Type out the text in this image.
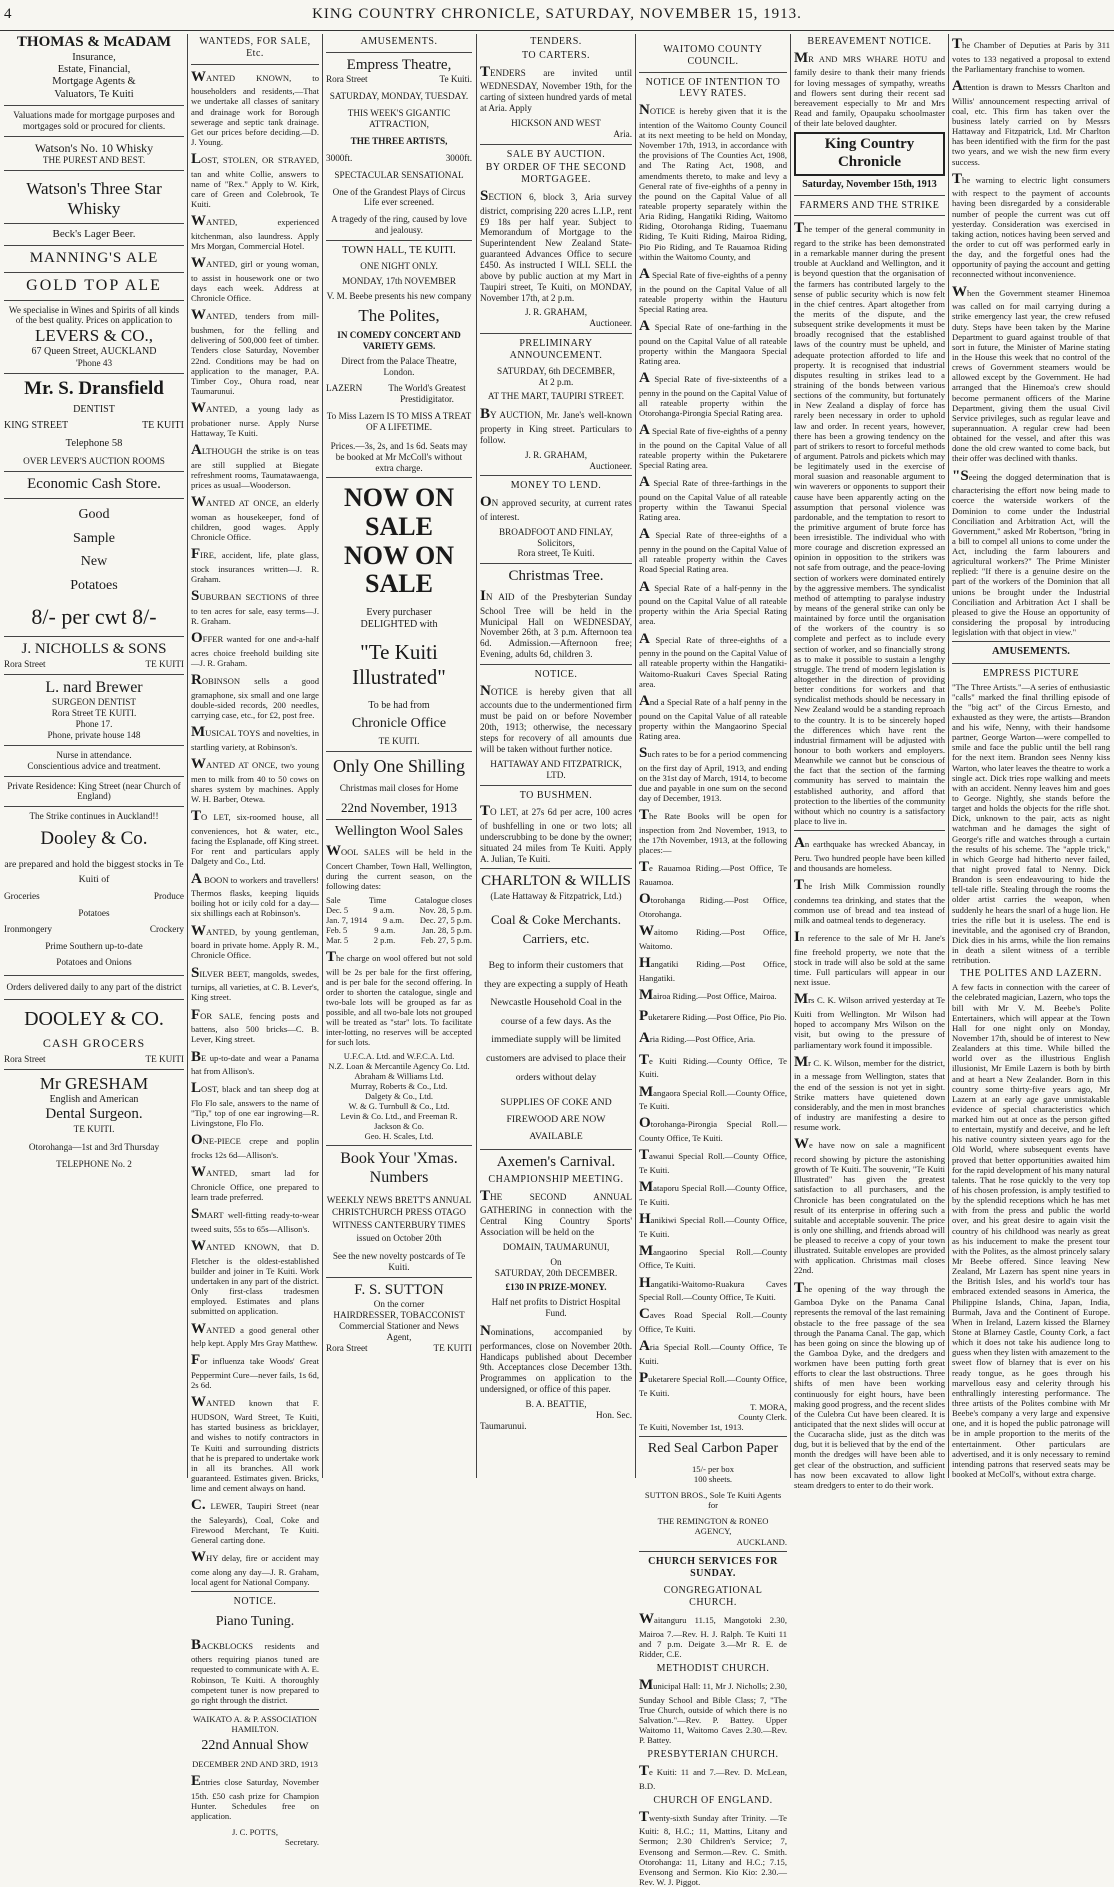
4	KING COUNTRY CHRONICLE, SATURDAY, NOVEMBER 15, 1913.
THOMAS & McADAM
Insurance,
Estate, Financial,
Mortgage Agents &
Valuators, Te Kuiti
Valuations made for mortgage purposes and mortgages sold or procured for clients.
Watson's No. 10 Whisky
THE PUREST AND BEST.
Watson's Three Star Whisky
Beck's Lager Beer.
MANNING'S ALE
GOLD TOP ALE
We specialise in Wines and Spirits of all kinds of the best quality. Prices on application to
LEVERS & CO.,
67 Queen Street, AUCKLAND
'Phone 43
Mr. S. Dransfield
DENTIST
KING STREET	TE KUITI
Telephone 58
OVER LEVER'S AUCTION ROOMS
Economic Cash Store.
Good
Sample
New
Potatoes
8/- per cwt 8/-
J. NICHOLLS & SONS
Rora Street	TE KUITI
L. nard Brewer
SURGEON DENTIST
Rora Street TE KUITI.
Phone 17.
Phone, private house 148
Nurse in attendance.
Conscientious advice and treatment.
Private Residence: King Street (near Church of England)
The Strike continues in Auckland!!
Dooley & Co.
are prepared and hold the biggest stocks in Te Kuiti of
Groceries	Produce
Potatoes
Ironmongery	Crockery
Prime Southern up-to-date
Potatoes and Onions
Orders delivered daily to any part of the district
DOOLEY & CO.
CASH GROCERS
Rora Street	TE KUITI
Mr GRESHAM
English and American
Dental Surgeon.
TE KUITI.
Otorohanga—1st and 3rd Thursday
TELEPHONE No. 2
WANTEDS, FOR SALE, Etc.
WANTED KNOWN, to householders and residents,—That we undertake all classes of sanitary and drainage work for Borough sewerage and septic tank drainage. Get our prices before deciding.—D. J. Young.
LOST, STOLEN, OR STRAYED, tan and white Collie, answers to name of "Rex." Apply to W. Kirk, care of Green and Colebrook, Te Kuiti.
WANTED, experienced kitchenman, also laundress. Apply Mrs Morgan, Commercial Hotel.
WANTED, girl or young woman, to assist in housework one or two days each week. Address at Chronicle Office.
WANTED, tenders from mill-bushmen, for the felling and delivering of 500,000 feet of timber. Tenders close Saturday, November 22nd. Conditions may be had on application to the manager, P.A. Timber Coy., Ohura road, near Taumarunui.
WANTED, a young lady as probationer nurse. Apply Nurse Hattaway, Te Kuiti.
ALTHOUGH the strike is on teas are still supplied at Biegate refreshment rooms, Taumatawaenga, prices as usual—Wooderson.
WANTED AT ONCE, an elderly woman as housekeeper, fond of children, good wages. Apply Chronicle Office.
FIRE, accident, life, plate glass, stock insurances written—J. R. Graham.
SUBURBAN SECTIONS of three to ten acres for sale, easy terms—J. R. Graham.
OFFER wanted for one and-a-half acres choice freehold building site —J. R. Graham.
ROBINSON sells a good gramaphone, six small and one large double-sided records, 200 needles, carrying case, etc., for £2, post free.
MUSICAL TOYS and novelties, in startling variety, at Robinson's.
WANTED AT ONCE, two young men to milk from 40 to 50 cows on shares system by machines. Apply W. H. Barber, Otewa.
TO LET, six-roomed house, all conveniences, hot & water, etc., facing the Esplanade, off King street. For rent and particulars apply Dalgety and Co., Ltd.
A BOON to workers and travellers! Thermos flasks, keeping liquids boiling hot or icily cold for a day—six shillings each at Robinson's.
WANTED, by young gentleman, board in private home. Apply R. M., Chronicle Office.
SILVER BEET, mangolds, swedes, turnips, all varieties, at C. B. Lever's, King street.
FOR SALE, fencing posts and battens, also 500 bricks—C. B. Lever, King street.
BE up-to-date and wear a Panama hat from Allison's.
LOST, black and tan sheep dog at Flo Flo sale, answers to the name of "Tip," top of one ear ingrowing—R. Livingstone, Flo Flo.
ONE-PIECE crepe and poplin frocks 12s 6d—Allison's.
WANTED, smart lad for Chronicle Office, one prepared to learn trade preferred.
SMART well-fitting ready-to-wear tweed suits, 55s to 65s—Allison's.
WANTED KNOWN, that D. Fletcher is the oldest-established builder and joiner in Te Kuiti. Work undertaken in any part of the district. Only first-class tradesmen employed. Estimates and plans submitted on application.
WANTED a good general other help kept. Apply Mrs Gray Matthew.
For influenza take Woods' Great Peppermint Cure—never fails, 1s 6d, 2s 6d.
WANTED known that F. HUDSON, Ward Street, Te Kuiti, has started business as bricklayer, and wishes to notify contractors in Te Kuiti and surrounding districts that he is prepared to undertake work in all its branches. All work guaranteed. Estimates given. Bricks, lime and cement always on hand.
C. LEWER, Taupiri Street (near the Saleyards), Coal, Coke and Firewood Merchant, Te Kuiti. General carting done.
WHY delay, fire or accident may come along any day—J. R. Graham, local agent for National Company.
NOTICE.
Piano Tuning.
BACKBLOCKS residents and others requiring pianos tuned are requested to communicate with A. E. Robinson, Te Kuiti. A thoroughly competent tuner is now prepared to go right through the district.
WAIKATO A. & P. ASSOCIATION HAMILTON.
22nd Annual Show
DECEMBER 2ND AND 3RD, 1913
Entries close Saturday, November 15th. £50 cash prize for Champion Hunter. Schedules free on application.
J. C. POTTS,
Secretary.
AMUSEMENTS.
Empress Theatre,
Rora Street	Te Kuiti.
SATURDAY, MONDAY, TUESDAY.
THIS WEEK'S GIGANTIC ATTRACTION,
THE THREE ARTISTS,
3000ft.	3000ft.
SPECTACULAR SENSATIONAL
One of the Grandest Plays of Circus Life ever screened.
A tragedy of the ring, caused by love and jealousy.
TOWN HALL, TE KUITI.
ONE NIGHT ONLY.
MONDAY, 17th NOVEMBER
V. M. Beebe presents his new company
The Polites,
IN COMEDY CONCERT AND VARIETY GEMS.
Direct from the Palace Theatre, London.
LAZERN	The World's Greatest Prestidigitator.
To Miss Lazern IS TO MISS A TREAT OF A LIFETIME.
Prices.—3s, 2s, and 1s 6d. Seats may be booked at Mr McColl's without extra charge.
NOW ON SALE
NOW ON SALE
Every purchaser
DELIGHTED with
"Te Kuiti Illustrated"
To be had from
Chronicle Office
TE KUITI.
Only One Shilling
Christmas mail closes for Home
22nd November, 1913
Wellington Wool Sales
WOOL SALES will be held in the Concert Chamber, Town Hall, Wellington, during the current season, on the following dates:
Sale	Time	Catalogue closes
Dec. 5	9 a.m.	Nov. 28, 5 p.m.
Jan. 7, 1914 9 a.m. Dec. 27, 5 p.m.
Feb. 5	9 a.m.	Jan. 28, 5 p.m.
Mar. 5	2 p.m.	Feb. 27, 5 p.m.
The charge on wool offered but not sold will be 2s per bale for the first offering, and is per bale for the second offering. In order to shorten the catalogue, single and two-bale lots will be grouped as far as possible, and all two-bale lots not grouped will be treated as "star" lots. To facilitate inter-lotting, no reserves will be accepted for such lots.
U.F.C.A. Ltd. and W.F.C.A. Ltd.
N.Z. Loan & Mercantile Agency Co. Ltd.
Abraham & Williams Ltd.
Murray, Roberts & Co., Ltd.
Dalgety & Co., Ltd.
W. & G. Turnbull & Co., Ltd.
Levin & Co. Ltd., and Freeman R. Jackson & Co.
Geo. H. Scales, Ltd.
Book Your 'Xmas. Numbers
WEEKLY NEWS BRETT'S ANNUAL CHRISTCHURCH PRESS OTAGO WITNESS CANTERBURY TIMES issued on October 20th
See the new novelty postcards of Te Kuiti.
F. S. SUTTON
On the corner
HAIRDRESSER, TOBACCONIST
Commercial Stationer and News Agent,
Rora Street	TE KUITI
TENDERS.
TO CARTERS.
TENDERS are invited until WEDNESDAY, November 19th, for the carting of sixteen hundred yards of metal at Aria. Apply
HICKSON AND WEST
Aria.
SALE BY AUCTION.
BY ORDER OF THE SECOND MORTGAGEE.
SECTION 6, block 3, Aria survey district, comprising 220 acres L.I.P., rent £9 18s per half year. Subject to Memorandum of Mortgage to the Superintendent New Zealand State-guaranteed Advances Office to secure £450. As instructed I WILL SELL the above by public auction at my Mart in Taupiri street, Te Kuiti, on MONDAY, November 17th, at 2 p.m.
J. R. GRAHAM,
Auctioneer.
PRELIMINARY ANNOUNCEMENT.
SATURDAY, 6th DECEMBER,
At 2 p.m.
AT THE MART, TAUPIRI STREET.
BY AUCTION, Mr. Jane's well-known property in King street. Particulars to follow.
J. R. GRAHAM,
Auctioneer.
MONEY TO LEND.
ON approved security, at current rates of interest.
BROADFOOT AND FINLAY,
Solicitors,
Rora street, Te Kuiti.
Christmas Tree.
IN AID of the Presbyterian Sunday School Tree will be held in the Municipal Hall on WEDNESDAY, November 26th, at 3 p.m. Afternoon tea 6d. Admission.—Afternoon free; Evening, adults 6d, children 3.
NOTICE.
NOTICE is hereby given that all accounts due to the undermentioned firm must be paid on or before November 20th, 1913; otherwise, the necessary steps for recovery of all amounts due will be taken without further notice.
HATTAWAY AND FITZPATRICK, LTD.
TO BUSHMEN.
TO LET, at 27s 6d per acre, 100 acres of bushfelling in one or two lots; all underscrubbing to be done by the owner; situated 24 miles from Te Kuiti. Apply A. Julian, Te Kuiti.
CHARLTON & WILLIS
(Late Hattaway & Fitzpatrick, Ltd.)
Coal & Coke Merchants. Carriers, etc.
Beg to inform their customers that they are expecting a supply of Heath Newcastle Household Coal in the course of a few days. As the immediate supply will be limited customers are advised to place their orders without delay
SUPPLIES OF COKE AND FIREWOOD ARE NOW AVAILABLE
Axemen's Carnival.
CHAMPIONSHIP MEETING.
THE SECOND ANNUAL GATHERING in connection with the Central King Country Sports' Association will be held on the
DOMAIN, TAUMARUNUI,
On
SATURDAY, 20th DECEMBER.
£130 IN PRIZE-MONEY.
Half net profits to District Hospital Fund.
Nominations, accompanied by performances, close on November 20th. Handicaps published about December 9th. Acceptances close December 13th. Programmes on application to the undersigned, or office of this paper.
B. A. BEATTIE,
Hon. Sec.
Taumarunui.
WAITOMO COUNTY COUNCIL.
NOTICE OF INTENTION TO LEVY RATES.
NOTICE is hereby given that it is the intention of the Waitomo County Council at its next meeting to be held on Monday, November 17th, 1913, in accordance with the provisions of The Counties Act, 1908, and The Rating Act, 1908, and amendments thereto, to make and levy a General rate of five-eighths of a penny in the pound on the Capital Value of all rateable property separately within the Aria Riding, Hangatiki Riding, Waitomo Riding, Otorohanga Riding, Tuaemanu Riding, Te Kuiti Riding, Mairoa Riding, Pio Pio Riding, and Te Rauamoa Riding within the Waitomo County, and
A Special Rate of five-eighths of a penny in the pound on the Capital Value of all rateable property within the Hauturu Special Rating area.
A Special Rate of one-farthing in the pound on the Capital Value of all rateable property within the Mangaora Special Rating area.
A Special Rate of five-sixteenths of a penny in the pound on the Capital Value of all rateable property within the Otorohanga-Pirongia Special Rating area.
A Special Rate of five-eighths of a penny in the pound on the Capital Value of all rateable property within the Puketarere Special Rating area.
A Special Rate of three-farthings in the pound on the Capital Value of all rateable property within the Tawanui Special Rating area.
A Special Rate of three-eighths of a penny in the pound on the Capital Value of all rateable property within the Caves Road Special Rating area.
A Special Rate of a half-penny in the pound on the Capital Value of all rateable property within the Aria Special Rating area.
A Special Rate of three-eighths of a penny in the pound on the Capital Value of all rateable property within the Hangatiki-Waitomo-Ruakuri Caves Special Rating area.
And a Special Rate of a half penny in the pound on the Capital Value of all rateable property within the Mangaorino Special Rating area.
Such rates to be for a period commencing on the first day of April, 1913, and ending on the 31st day of March, 1914, to become due and payable in one sum on the second day of December, 1913.
The Rate Books will be open for inspection from 2nd November, 1913, to the 17th November, 1913, at the following places:—
Te Rauamoa Riding.—Post Office, Te Rauamoa.
Otorohanga Riding.—Post Office, Otorohanga.
Waitomo Riding.—Post Office, Waitomo.
Hangatiki Riding.—Post Office, Hangatiki.
Mairoa Riding.—Post Office, Mairoa.
Puketarere Riding.—Post Office, Pio Pio.
Aria Riding.—Post Office, Aria.
Te Kuiti Riding.—County Office, Te Kuiti.
Mangaora Special Roll.—County Office, Te Kuiti.
Otorohanga-Pirongia Special Roll.—County Office, Te Kuiti.
Tawanui Special Roll.—County Office, Te Kuiti.
Mataporu Special Roll.—County Office, Te Kuiti.
Hanikiwi Special Roll.—County Office, Te Kuiti.
Mangaorino Special Roll.—County Office, Te Kuiti.
Hangatiki-Waitomo-Ruakura Caves Special Roll.—County Office, Te Kuiti.
Caves Road Special Roll.—County Office, Te Kuiti.
Aria Special Roll.—County Office, Te Kuiti.
Puketarere Special Roll.—County Office, Te Kuiti.
T. MORA,
County Clerk.
Te Kuiti, November 1st, 1913.
Red Seal Carbon Paper
15/- per box
100 sheets.
SUTTON BROS., Sole Te Kuiti Agents for
THE REMINGTON & RONEO AGENCY,
AUCKLAND.
CHURCH SERVICES FOR SUNDAY.
CONGREGATIONAL CHURCH.
Waitanguru 11.15, Mangotoki 2.30, Mairoa 7.—Rev. H. J. Ralph. Te Kuiti 11 and 7 p.m. Deigate 3.—Mr R. E. de Ridder, C.E.
METHODIST CHURCH.
Municipal Hall: 11, Mr J. Nicholls; 2.30, Sunday School and Bible Class; 7, "The True Church, outside of which there is no Salvation."—Rev. P. Battey. Upper Waitomo 11, Waitomo Caves 2.30.—Rev. P. Battey.
PRESBYTERIAN CHURCH.
Te Kuiti: 11 and 7.—Rev. D. McLean, B.D.
CHURCH OF ENGLAND.
Twenty-sixth Sunday after Trinity. —Te Kuiti: 8, H.C.; 11, Mattins, Litany and Sermon; 2.30 Children's Service; 7, Evensong and Sermon.—Rev. C. Smith. Otorohanga: 11, Litany and H.C.; 7.15, Evensong and Sermon. Kio Kio: 2.30.—Rev. W. J. Piggot.
BEREAVEMENT NOTICE.
MR AND MRS WHARE HOTU and family desire to thank their many friends for loving messages of sympathy, wreaths and flowers sent during their recent sad bereavement especially to Mr and Mrs Read and family, Opaupaku schoolmaster of their late beloved daughter.
King Country Chronicle
Saturday, November 15th, 1913
FARMERS AND THE STRIKE
The temper of the general community in regard to the strike has been demonstrated in a remarkable manner during the present trouble at Auckland and Wellington, and it is beyond question that the organisation of the farmers has contributed largely to the sense of public security which is now felt in the chief centres. Apart altogether from the merits of the dispute, and the subsequent strike developments it must be broadly recognised that the established laws of the country must be upheld, and adequate protection afforded to life and property. It is recognised that industrial disputes resulting in strikes lead to a straining of the bonds between various sections of the community, but fortunately in New Zealand a display of force has rarely been necessary in order to uphold law and order. In recent years, however, there has been a growing tendency on the part of strikers to resort to forceful methods of argument. Patrols and pickets which may be legitimately used in the exercise of moral suasion and reasonable argument to win waverers or opponents to support their cause have been apparently acting on the assumption that personal violence was pardonable, and the temptation to resort to the primitive argument of brute force has been irresistible. The individual who with more courage and discretion expressed an opinion in opposition to the strikers was not safe from outrage, and the peace-loving section of workers were dominated entirely by the aggressive members. The syndicalist method of attempting to paralyse industry by means of the general strike can only be maintained by force until the organisation of the workers of the country is so complete and perfect as to include every section of worker, and so financially strong as to make it possible to sustain a lengthy struggle. The trend of modern legislation is altogether in the direction of providing better conditions for workers and that syndicalist methods should be necessary in New Zealand would be a standing reproach to the country. It is to be sincerely hoped the differences which have rent the industrial firmament will be adjusted with honour to both workers and employers. Meanwhile we cannot but be conscious of the fact that the section of the farming community has served to maintain the established authority, and afford that protection to the liberties of the community without which no country is a satisfactory place to live in.
An earthquake has wrecked Abancay, in Peru. Two hundred people have been killed and thousands are homeless.
The Irish Milk Commission roundly condemns tea drinking, and states that the common use of bread and tea instead of milk and oatmeal tends to degeneracy.
In reference to the sale of Mr H. Jane's fine freehold property, we note that the stock in trade will also be sold at the same time. Full particulars will appear in our next issue.
Mrs C. K. Wilson arrived yesterday at Te Kuiti from Wellington. Mr Wilson had hoped to accompany Mrs Wilson on the visit, but owing to the pressure of parliamentary work found it impossible.
Mr C. K. Wilson, member for the district, in a message from Wellington, states that the end of the session is not yet in sight. Strike matters have quietened down considerably, and the men in most branches of industry are manifesting a desire to resume work.
We have now on sale a magnificent record showing by picture the astonishing growth of Te Kuiti. The souvenir, "Te Kuiti Illustrated" has given the greatest satisfaction to all purchasers, and the Chronicle has been congratulated on the result of its enterprise in offering such a suitable and acceptable souvenir. The price is only one shilling, and friends abroad will be pleased to receive a copy of your town illustrated. Suitable envelopes are provided with application. Christmas mail closes 22nd.
The opening of the way through the Gamboa Dyke on the Panama Canal represents the removal of the last remaining obstacle to the free passage of the sea through the Panama Canal. The gap, which has been going on since the blowing up of the Gamboa Dyke, and the dredgers and workmen have been putting forth great efforts to clear the last obstructions. Three shifts of men have been working continuously for eight hours, have been making good progress, and the recent slides of the Culebra Cut have been cleared. It is anticipated that the next slides will occur at the Cucaracha slide, just as the ditch was dug, but it is believed that by the end of the month the dredges will have been able to get clear of the obstruction, and sufficient has now been excavated to allow light steam dredgers to enter to do their work.
The Chamber of Deputies at Paris by 311 votes to 133 negatived a proposal to extend the Parliamentary franchise to women.
Attention is drawn to Messrs Charlton and Willis' announcement respecting arrival of coal, etc. This firm has taken over the business lately carried on by Messrs Hattaway and Fitzpatrick, Ltd. Mr Charlton has been identified with the firm for the past two years, and we wish the new firm every success.
The warning to electric light consumers with respect to the payment of accounts having been disregarded by a considerable number of people the current was cut off yesterday. Consideration was exercised in taking action, notices having been served and the order to cut off was performed early in the day, and the forgetful ones had the opportunity of paying the account and getting reconnected without inconvenience.
When the Government steamer Hinemoa was called on for mail carrying during a strike emergency last year, the crew refused duty. Steps have been taken by the Marine Department to guard against trouble of that sort in future, the Minister of Marine stating in the House this week that no control of the crews of Government steamers would be allowed except by the Government. He had arranged that the Hinemoa's crew should become permanent officers of the Marine Department, giving them the usual Civil Service privileges, such as regular leave and superannuation. A regular crew had been obtained for the vessel, and after this was done the old crew wanted to come back, but their offer was declined with thanks.
"Seeing the dogged determination that is characterising the effort now being made to coerce the waterside workers of the Dominion to come under the Industrial Conciliation and Arbitration Act, will the Government," asked Mr Robertson, "bring in a bill to compel all unions to come under the Act, including the farm labourers and agricultural workers?" The Prime Minister replied: "If there is a genuine desire on the part of the workers of the Dominion that all unions be brought under the Industrial Conciliation and Arbitration Act I shall be pleased to give the House an opportunity of considering the proposal by introducing legislation with that object in view."
AMUSEMENTS.
EMPRESS PICTURE

"The Three Artists."—A series of enthusiastic "calls" marked the final thrilling episode of the "big act" of the Circus Ernesto, and exhausted as they were, the artists—Brandon and his wife, Nenny, with their handsome partner, George Warton—were compelled to smile and face the public until the bell rang for the next item. Brandon sees Nenny kiss Warton, who later leaves the theatre to work a single act. Dick tries rope walking and meets with an accident. Nenny leaves him and goes to George. Nightly, she stands before the target and holds the objects for the rifle shot. Dick, unknown to the pair, acts as night watchman and he damages the sight of George's rifle and watches through a curtain the results of his scheme. The "apple trick," in which George had hitherto never failed, that night proved fatal to Nenny. Dick Brandon is seen endeavouring to hide the tell-tale rifle. Stealing through the rooms the older artist carries the weapon, when suddenly he hears the snarl of a huge lion. He tries the rifle but it is useless. The end is inevitable, and the agonised cry of Brandon, Dick dies in his arms, while the lion remains in death a silent witness of a terrible retribution.

THE POLITES AND LAZERN.

A few facts in connection with the career of the celebrated magician, Lazern, who tops the bill with Mr V. M. Beebe's Polite Entertainers, which will appear at the Town Hall for one night only on Monday, November 17th, should be of interest to New Zealanders at this time. While billed the world over as the illustrious English illusionist, Mr Emile Lazern is both by birth and at heart a New Zealander. Born in this country some thirty-five years ago, Mr Lazern at an early age gave unmistakable evidence of special characteristics which marked him out at once as the person gifted to entertain, mystify and deceive, and he left his native country sixteen years ago for the Old World, where subsequent events have proved that better opportunities awaited him for the rapid development of his many natural talents. That he rose quickly to the very top of his chosen profession, is amply testified to by the splendid receptions which he has met with from the press and public the world over, and his great desire to again visit the country of his childhood was nearly as great as his inducement to make the present tour with the Polites, as the almost princely salary Mr Beebe offered. Since leaving New Zealand, Mr Lazern has spent nine years in the British Isles, and his world's tour has embraced extended seasons in America, the Philippine Islands, China, Japan, India, Burmah, Java and the Continent of Europe. When in Ireland, Lazern kissed the Blarney Stone at Blarney Castle, County Cork, a fact which it does not take his audience long to guess when they listen with amazement to the sweet flow of blarney that is ever on his ready tongue, as he goes through his marvellous easy and celerity through his enthrallingly interesting performance. The three artists of the Polites combine with Mr Beebe's company a very large and expensive one, and it is hoped the public patronage will be in ample proportion to the merits of the entertainment. Other particulars are advertised, and it is only necessary to remind intending patrons that reserved seats may be booked at McColl's, without extra charge.
